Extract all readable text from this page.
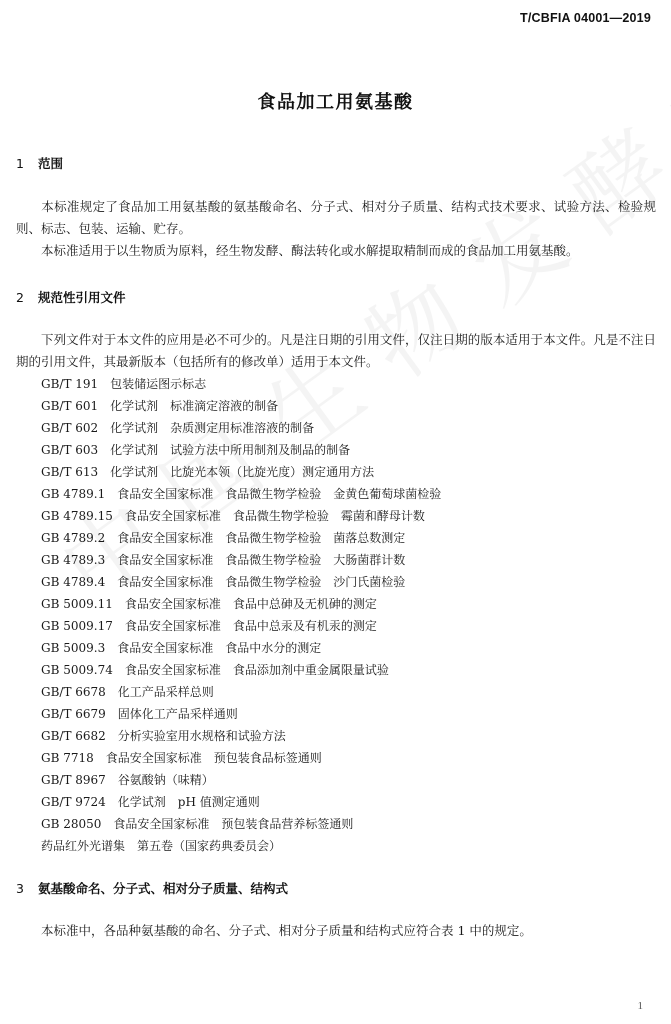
T/CBFIA 04001—2019
食品加工用氨基酸
1 范围
本标准规定了食品加工用氨基酸的氨基酸命名、分子式、相对分子质量、结构式技术要求、试验方法、检验规则、标志、包装、运输、贮存。
本标准适用于以生物质为原料，经生物发酵、酶法转化或水解提取精制而成的食品加工用氨基酸。
2 规范性引用文件
下列文件对于本文件的应用是必不可少的。凡是注日期的引用文件，仅注日期的版本适用于本文件。凡是不注日期的引用文件，其最新版本（包括所有的修改单）适用于本文件。
GB/T 191　包装储运图示标志
GB/T 601　化学试剂　标准滴定溶液的制备
GB/T 602　化学试剂　杂质测定用标准溶液的制备
GB/T 603　化学试剂　试验方法中所用制剂及制品的制备
GB/T 613　化学试剂　比旋光本领（比旋光度）测定通用方法
GB 4789.1　食品安全国家标准　食品微生物学检验　金黄色葡萄球菌检验
GB 4789.15　食品安全国家标准　食品微生物学检验　霉菌和酵母计数
GB 4789.2　食品安全国家标准　食品微生物学检验　菌落总数测定
GB 4789.3　食品安全国家标准　食品微生物学检验　大肠菌群计数
GB 4789.4　食品安全国家标准　食品微生物学检验　沙门氏菌检验
GB 5009.11　食品安全国家标准　食品中总砷及无机砷的测定
GB 5009.17　食品安全国家标准　食品中总汞及有机汞的测定
GB 5009.3　食品安全国家标准　食品中水分的测定
GB 5009.74　食品安全国家标准　食品添加剂中重金属限量试验
GB/T 6678　化工产品采样总则
GB/T 6679　固体化工产品采样通则
GB/T 6682　分析实验室用水规格和试验方法
GB 7718　食品安全国家标准　预包装食品标签通则
GB/T 8967　谷氨酸钠（味精）
GB/T 9724　化学试剂　pH 值测定通则
GB 28050　食品安全国家标准　预包装食品营养标签通则
药品红外光谱集　第五卷（国家药典委员会）
3 氨基酸命名、分子式、相对分子质量、结构式
本标准中，各品种氨基酸的命名、分子式、相对分子质量和结构式应符合表 1 中的规定。
1
